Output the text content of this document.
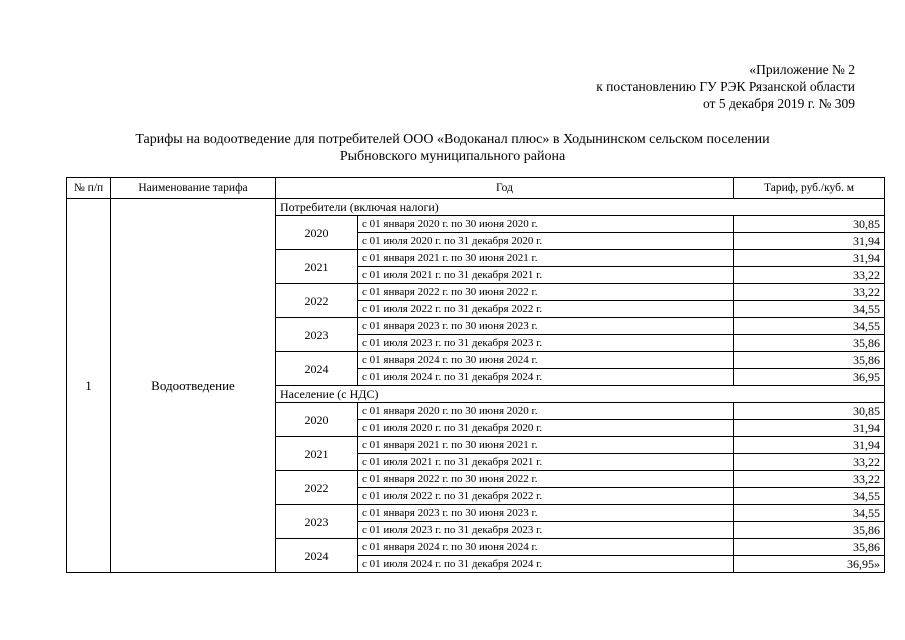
«Приложение № 2
к постановлению ГУ РЭК Рязанской области
от 5 декабря 2019 г. № 309
Тарифы на водоотведение для потребителей ООО «Водоканал плюс» в Ходынинском сельском поселении
Рыбновского муниципального района
№ п/п	Наименование тарифа	Год		Тариф, руб./куб. м
1	Водоотведение	Потребители (включая налоги)		
		2020	с 01 января 2020 г. по 30 июня 2020 г.	30,85
			с 01 июля 2020 г. по 31 декабря 2020 г.	31,94
		2021	с 01 января 2021 г. по 30 июня 2021 г.	31,94
			с 01 июля 2021 г. по 31 декабря 2021 г.	33,22
		2022	с 01 января 2022 г. по 30 июня 2022 г.	33,22
			с 01 июля 2022 г. по 31 декабря 2022 г.	34,55
		2023	с 01 января 2023 г. по 30 июня 2023 г.	34,55
			с 01 июля 2023 г. по 31 декабря 2023 г.	35,86
		2024	с 01 января 2024 г. по 30 июня 2024 г.	35,86
			с 01 июля 2024 г. по 31 декабря 2024 г.	36,95
		Население (с НДС)		
		2020	с 01 января 2020 г. по 30 июня 2020 г.	30,85
			с 01 июля 2020 г. по 31 декабря 2020 г.	31,94
		2021	с 01 января 2021 г. по 30 июня 2021 г.	31,94
			с 01 июля 2021 г. по 31 декабря 2021 г.	33,22
		2022	с 01 января 2022 г. по 30 июня 2022 г.	33,22
			с 01 июля 2022 г. по 31 декабря 2022 г.	34,55
		2023	с 01 января 2023 г. по 30 июня 2023 г.	34,55
			с 01 июля 2023 г. по 31 декабря 2023 г.	35,86
		2024	с 01 января 2024 г. по 30 июня 2024 г.	35,86
			с 01 июля 2024 г. по 31 декабря 2024 г.	36,95»
